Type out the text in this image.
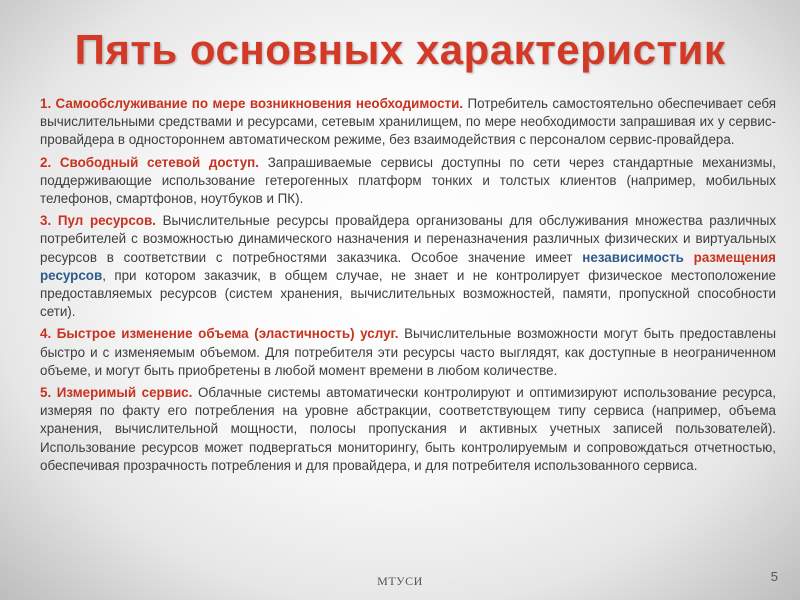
Пять основных характеристик
1. Самообслуживание по мере возникновения необходимости. Потребитель самостоятельно обеспечивает себя вычислительными средствами и ресурсами, сетевым хранилищем, по мере необходимости запрашивая их у сервис-провайдера в одностороннем автоматическом режиме, без взаимодействия с персоналом сервис-провайдера.
2. Свободный сетевой доступ. Запрашиваемые сервисы доступны по сети через стандартные механизмы, поддерживающие использование гетерогенных платформ тонких и толстых клиентов (например, мобильных телефонов, смартфонов, ноутбуков и ПК).
3. Пул ресурсов. Вычислительные ресурсы провайдера организованы для обслуживания множества различных потребителей с возможностью динамического назначения и переназначения различных физических и виртуальных ресурсов в соответствии с потребностями заказчика. Особое значение имеет независимость размещения ресурсов, при котором заказчик, в общем случае, не знает и не контролирует физическое местоположение предоставляемых ресурсов (систем хранения, вычислительных возможностей, памяти, пропускной способности сети).
4. Быстрое изменение объема (эластичность) услуг. Вычислительные возможности могут быть предоставлены быстро и с изменяемым объемом. Для потребителя эти ресурсы часто выглядят, как доступные в неограниченном объеме, и могут быть приобретены в любой момент времени в любом количестве.
5. Измеримый сервис. Облачные системы автоматически контролируют и оптимизируют использование ресурса, измеряя по факту его потребления на уровне абстракции, соответствующем типу сервиса (например, объема хранения, вычислительной мощности, полосы пропускания и активных учетных записей пользователей). Использование ресурсов может подвергаться мониторингу, быть контролируемым и сопровождаться отчетностью, обеспечивая прозрачность потребления и для провайдера, и для потребителя использованного сервиса.
МТУСИ	5
